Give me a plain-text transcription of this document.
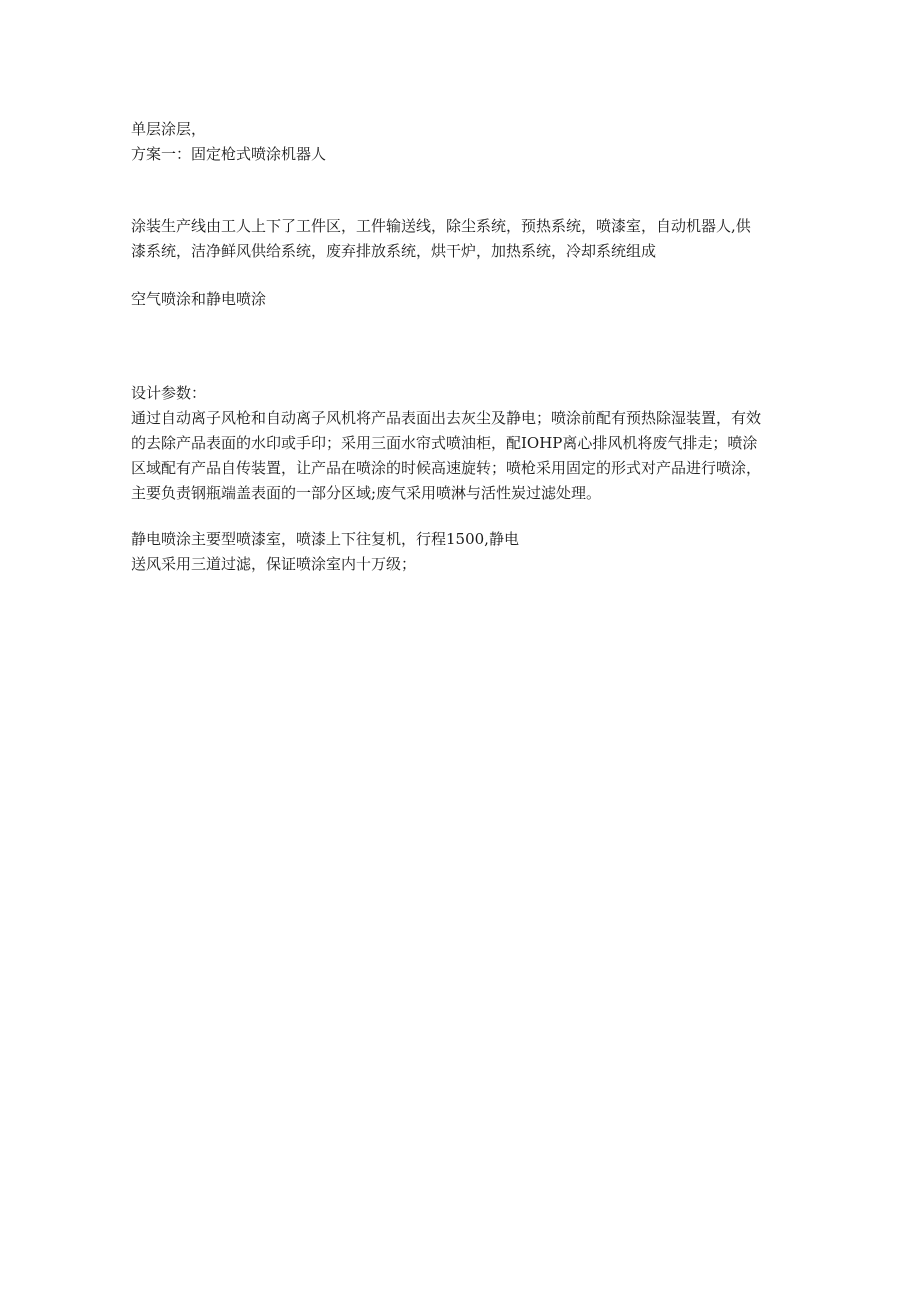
单层涂层，
方案一：固定枪式喷涂机器人
涂装生产线由工人上下了工件区，工件输送线，除尘系统，预热系统，喷漆室，自动机器人,供
漆系统，洁净鲜风供给系统，废弃排放系统，烘干炉，加热系统，冷却系统组成
空气喷涂和静电喷涂
设计参数：
通过自动离子风枪和自动离子风机将产品表面出去灰尘及静电；喷涂前配有预热除湿装置，有效
的去除产品表面的水印或手印；采用三面水帘式喷油柜，配IOHP离心排风机将废气排走；喷涂
区域配有产品自传装置，让产品在喷涂的时候高速旋转；喷枪采用固定的形式对产品进行喷涂，
主要负责钢瓶端盖表面的一部分区域;废气采用喷淋与活性炭过滤处理。
静电喷涂主要型喷漆室，喷漆上下往复机，行程1500,静电
送风采用三道过滤，保证喷涂室内十万级；
